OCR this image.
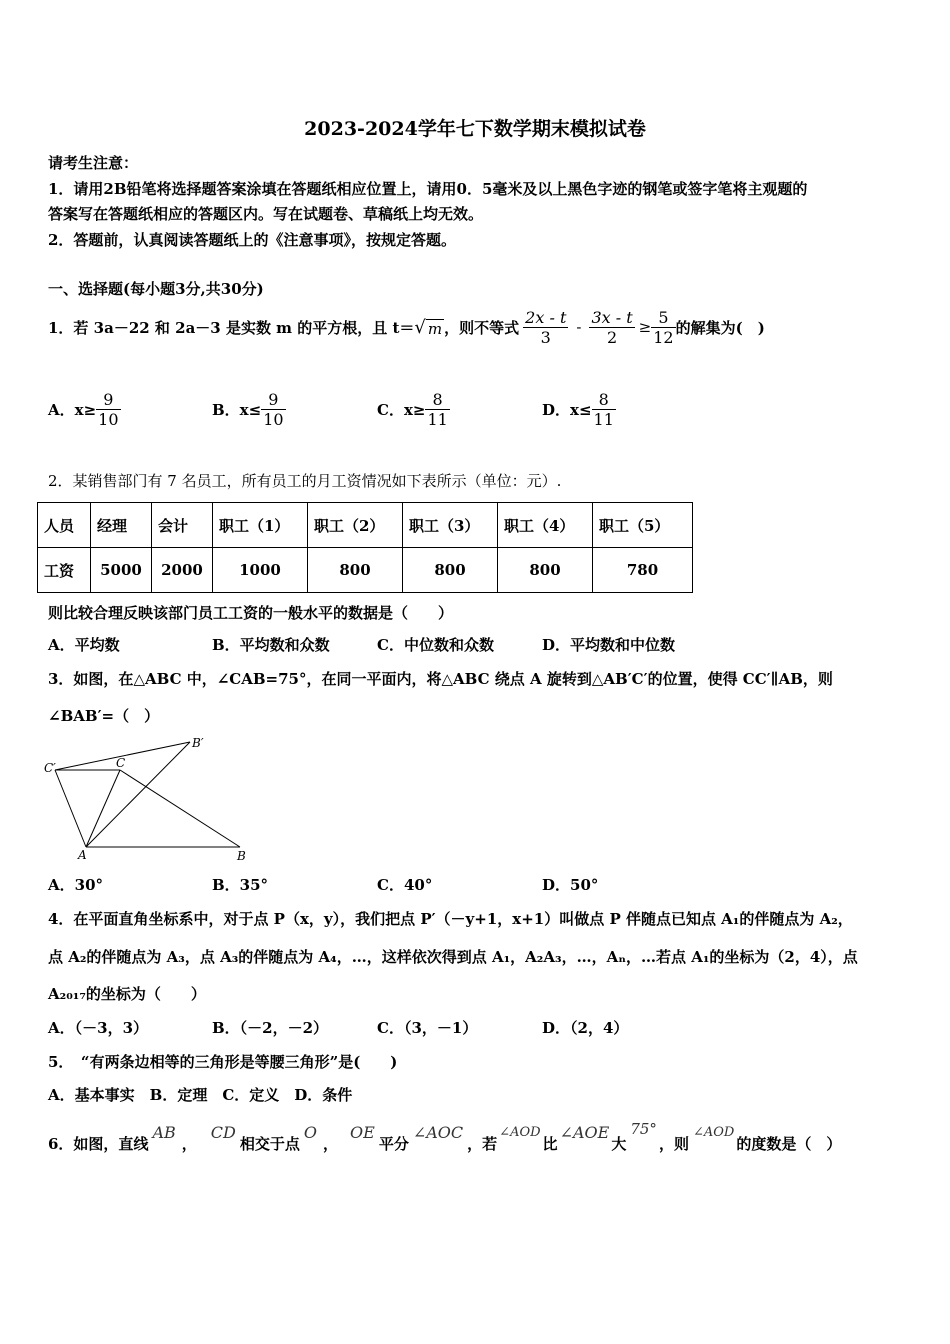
2023-2024学年七下数学期末模拟试卷
请考生注意：
1．请用2B铅笔将选择题答案涂填在答题纸相应位置上，请用0．5毫米及以上黑色字迹的钢笔或签字笔将主观题的
答案写在答题纸相应的答题区内。写在试题卷、草稿纸上均无效。
2．答题前，认真阅读答题纸上的《注意事项》，按规定答题。
一、选择题(每小题3分,共30分)
1．若 3a－22 和 2a－3 是实数 m 的平方根，且 t＝ √ m ，则不等式 $\frac{2x - t}{3} - \frac{3x - t}{2} \ge \frac{5}{12}$ 的解集为(　)
A．$x\ge \frac{9}{10}$	B．$x\le \frac{9}{10}$	C．$x\ge \frac{8}{11}$	D．$x\le \frac{8}{11}$
2．某销售部门有 7 名员工，所有员工的月工资情况如下表所示（单位：元）.
人员	经理	会计	职工（1）	职工（2）	职工（3）	职工（4）	职工（5）
工资	5000	2000	1000	800	800	800	780
则比较合理反映该部门员工工资的一般水平的数据是（　　）
A．平均数	B．平均数和众数	C．中位数和众数	D．平均数和中位数
3．如图，在△ABC 中，∠CAB=75°，在同一平面内，将△ABC 绕点 A 旋转到△AB′C′的位置，使得 CC′∥AB，则
∠BAB′=（　）
C′	C
B′
A	B
A．30°	B．35°	C．40°	D．50°
4．在平面直角坐标系中，对于点 P（x，y），我们把点 P′（－y+1，x+1）叫做点 P 伴随点已知点 A₁的伴随点为 A₂，
点 A₂的伴随点为 A₃，点 A₃的伴随点为 A₄，…，这样依次得到点 A₁，A₂A₃，…，Aₙ，…若点 A₁的坐标为（2，4），点
A₂₀₁₇的坐标为（　　）
A．（－3，3）	B．（－2，－2）	C．（3，－1）	D．（2，4）
5．　“有两条边相等的三角形是等腰三角形”是(　　)
A．基本事实　B．定理　C．定义　D．条件
6．如图，直线
AB
，
CD
相交于点
O
，
OE
平分
∠AOC
，若
∠AOD
比
∠AOE
大
75°
，则
∠AOD
的度数是（　）
